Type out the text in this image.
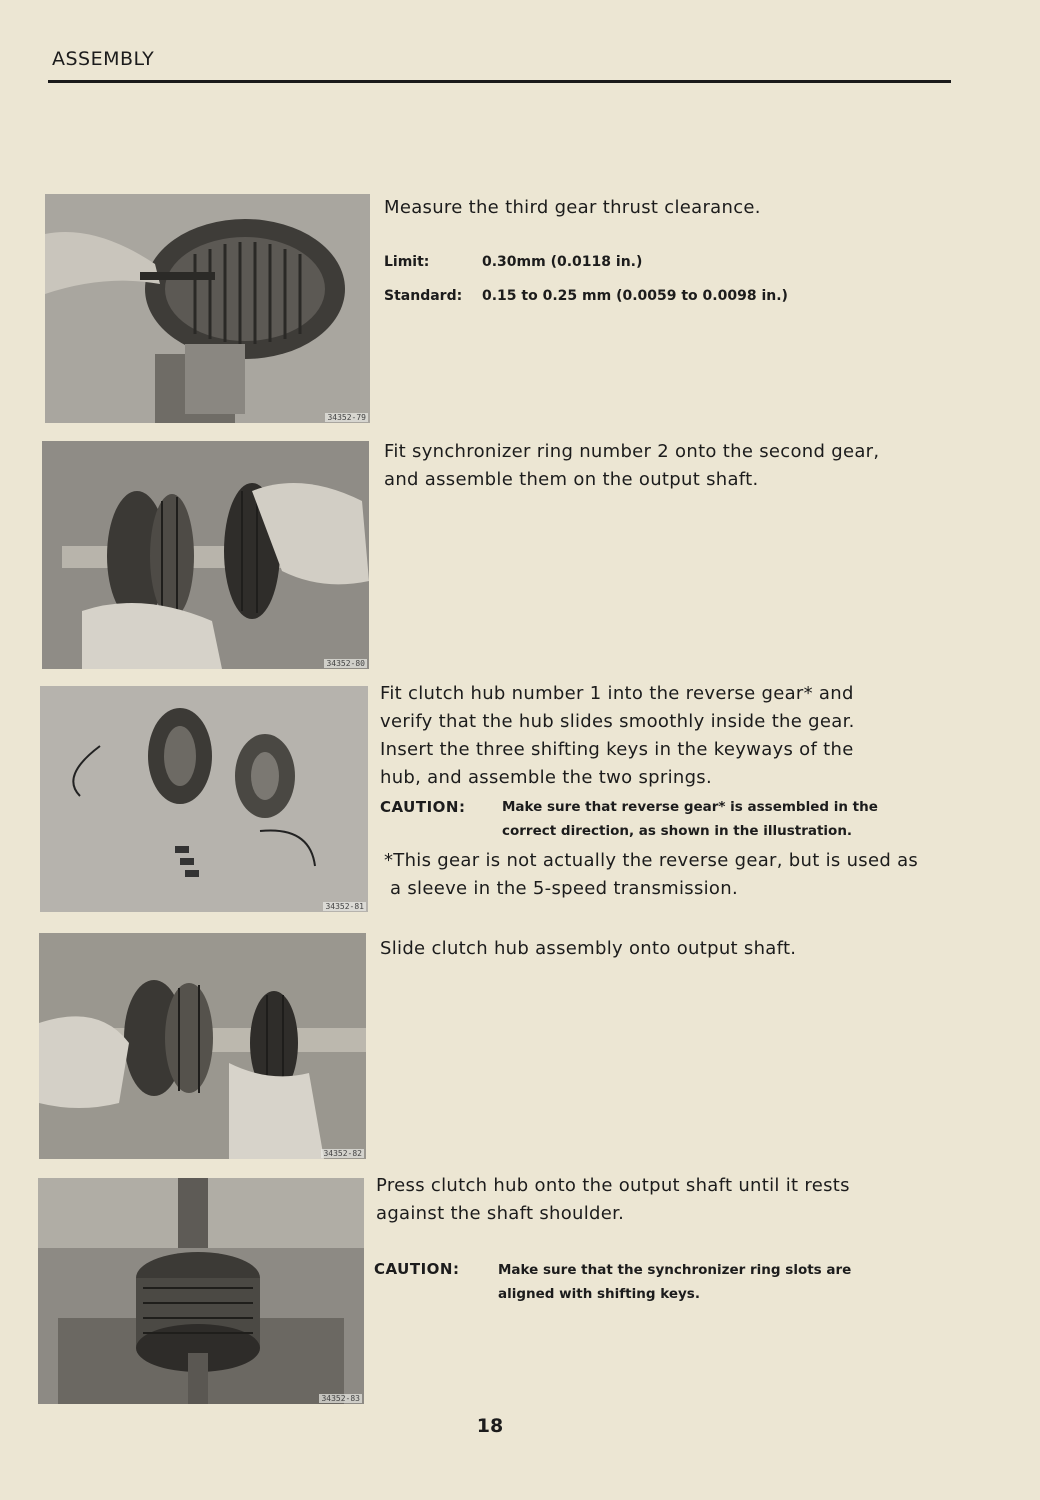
ASSEMBLY
34352-79
Measure the third gear thrust clearance.
Limit:	0.30mm (0.0118 in.)
Standard: 0.15 to 0.25 mm (0.0059 to 0.0098 in.)
34352-80
Fit synchronizer ring number 2 onto the second gear,
and assemble them on the output shaft.
34352-81
Fit clutch hub number 1 into the reverse gear* and
verify that the hub slides smoothly inside the gear.
Insert the three shifting keys in the keyways of the
hub, and assemble the two springs.
CAUTION:	Make sure that reverse gear* is assembled in the
correct direction, as shown in the illustration.
*This gear is not actually the reverse gear, but is used as
a sleeve in the 5-speed transmission.
34352-82
Slide clutch hub assembly onto output shaft.
34352-83
Press clutch hub onto the output shaft until it rests
against the shaft shoulder.
CAUTION:	Make sure that the synchronizer ring slots are
aligned with shifting keys.
18
